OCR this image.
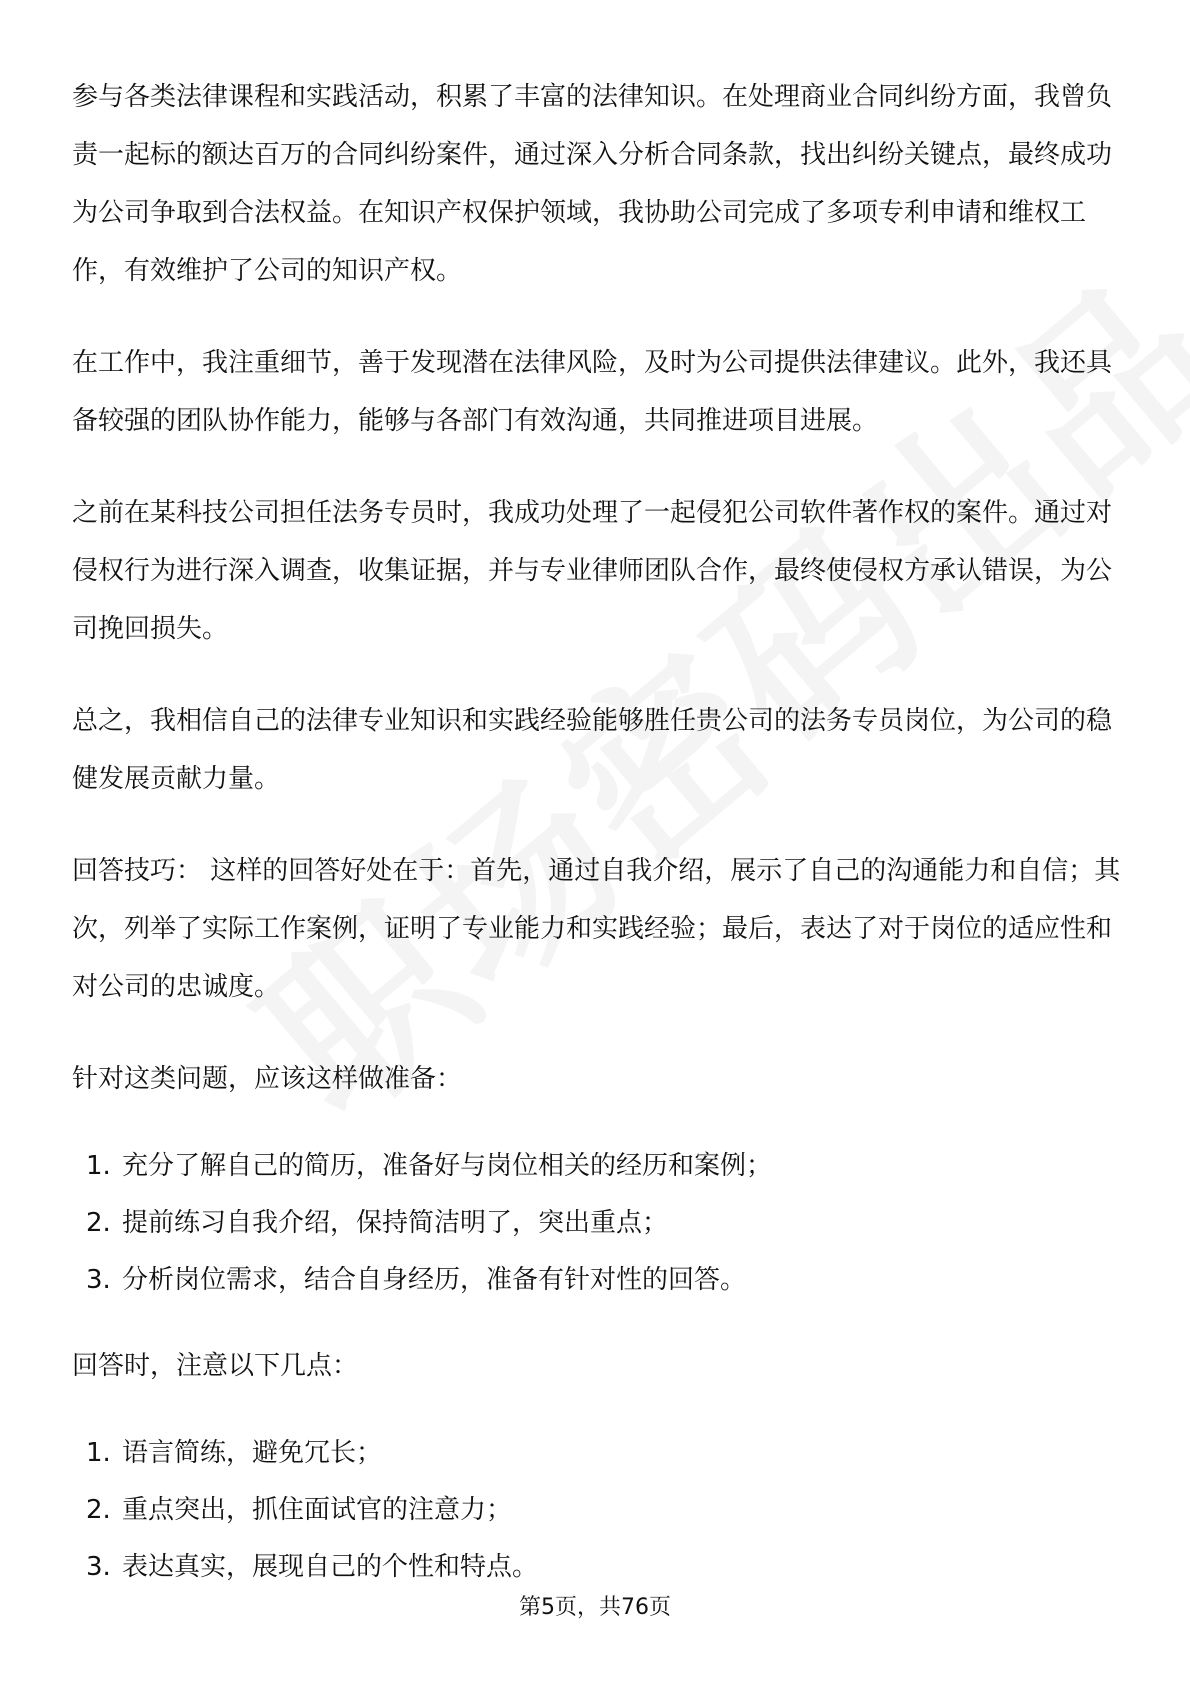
参与各类法律课程和实践活动，积累了丰富的法律知识。在处理商业合同纠纷方面，我曾负责一起标的额达百万的合同纠纷案件，通过深入分析合同条款，找出纠纷关键点，最终成功为公司争取到合法权益。在知识产权保护领域，我协助公司完成了多项专利申请和维权工作，有效维护了公司的知识产权。

在工作中，我注重细节，善于发现潜在法律风险，及时为公司提供法律建议。此外，我还具备较强的团队协作能力，能够与各部门有效沟通，共同推进项目进展。

之前在某科技公司担任法务专员时，我成功处理了一起侵犯公司软件著作权的案件。通过对侵权行为进行深入调查，收集证据，并与专业律师团队合作，最终使侵权方承认错误，为公司挽回损失。

总之，我相信自己的法律专业知识和实践经验能够胜任贵公司的法务专员岗位，为公司的稳健发展贡献力量。

回答技巧： 这样的回答好处在于：首先，通过自我介绍，展示了自己的沟通能力和自信；其次，列举了实际工作案例，证明了专业能力和实践经验；最后，表达了对于岗位的适应性和对公司的忠诚度。

针对这类问题，应该这样做准备：

1. 充分了解自己的简历，准备好与岗位相关的经历和案例；
2. 提前练习自我介绍，保持简洁明了，突出重点；
3. 分析岗位需求，结合自身经历，准备有针对性的回答。

回答时，注意以下几点：

1. 语言简练，避免冗长；
2. 重点突出，抓住面试官的注意力；
3. 表达真实，展现自己的个性和特点。
第5页，共76页
